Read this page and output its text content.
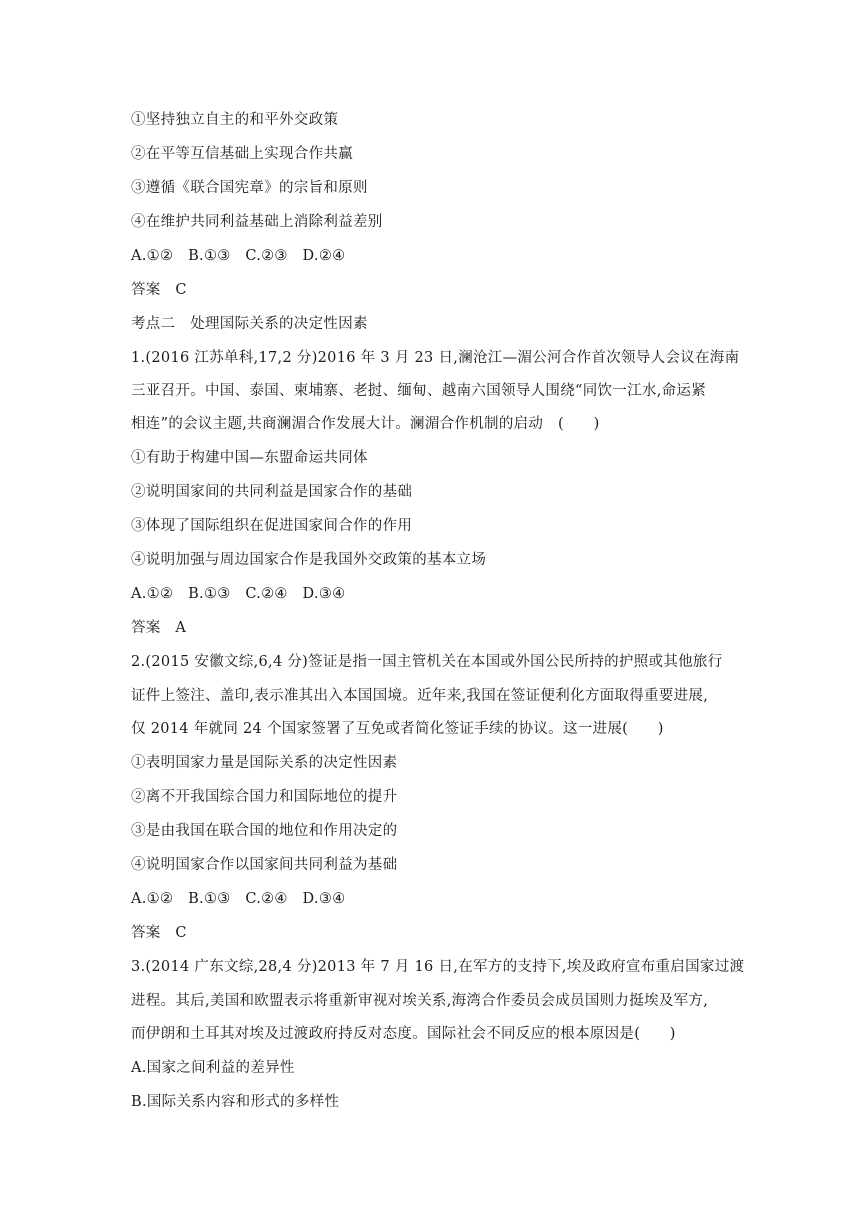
①坚持独立自主的和平外交政策
②在平等互信基础上实现合作共赢
③遵循《联合国宪章》的宗旨和原则
④在维护共同利益基础上消除利益差别
A.①②　B.①③　C.②③　D.②④
答案　C
考点二　处理国际关系的决定性因素
1.(2016 江苏单科,17,2 分)2016 年 3 月 23 日,澜沧江—湄公河合作首次领导人会议在海南
三亚召开。中国、泰国、柬埔寨、老挝、缅甸、越南六国领导人围绕“同饮一江水,命运紧
相连”的会议主题,共商澜湄合作发展大计。澜湄合作机制的启动　(　　)
①有助于构建中国—东盟命运共同体
②说明国家间的共同利益是国家合作的基础
③体现了国际组织在促进国家间合作的作用
④说明加强与周边国家合作是我国外交政策的基本立场
A.①②　B.①③　C.②④　D.③④
答案　A
2.(2015 安徽文综,6,4 分)签证是指一国主管机关在本国或外国公民所持的护照或其他旅行
证件上签注、盖印,表示准其出入本国国境。近年来,我国在签证便利化方面取得重要进展,
仅 2014 年就同 24 个国家签署了互免或者简化签证手续的协议。这一进展(　　)
①表明国家力量是国际关系的决定性因素
②离不开我国综合国力和国际地位的提升
③是由我国在联合国的地位和作用决定的
④说明国家合作以国家间共同利益为基础
A.①②　B.①③　C.②④　D.③④
答案　C
3.(2014 广东文综,28,4 分)2013 年 7 月 16 日,在军方的支持下,埃及政府宣布重启国家过渡
进程。其后,美国和欧盟表示将重新审视对埃关系,海湾合作委员会成员国则力挺埃及军方,
而伊朗和土耳其对埃及过渡政府持反对态度。国际社会不同反应的根本原因是(　　)
A.国家之间利益的差异性
B.国际关系内容和形式的多样性
